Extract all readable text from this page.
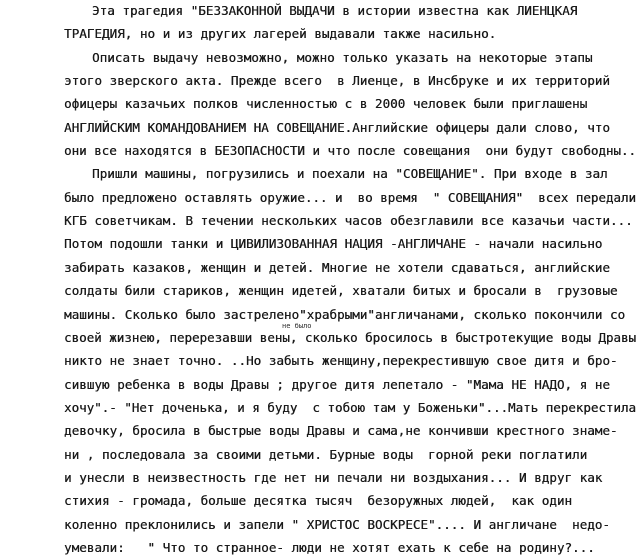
Эта трагедия "БЕЗЗАКОННОЙ ВЫДАЧИ в истории известна как ЛИЕНЦКАЯ
ТРАГЕДИЯ, но и из других лагерей выдавали также насильно.
Описать выдачу невозможно, можно только указать на некоторые этапы
этого зверского акта. Прежде всего  в Лиенце, в Инсбруке и их территорий
офицеры казачьих полков численностью с в 2000 человек были приглашены
АНГЛИЙСКИМ КОМАНДОВАНИЕМ НА СОВЕЩАНИЕ.Английские офицеры дали слово, что
они все находятся в БЕЗОПАСНОСТИ и что после совещания  они будут свободны..
Пришли машины, погрузились и поехали на "СОВЕЩАНИЕ". При входе в зал
было предложено оставлять оружие... и  во время  " СОВЕЩАНИЯ"  всех передали
КГБ советчикам. В течении нескольких часов обезглавили все казачьи части...
Потом подошли танки и ЦИВИЛИЗОВАННАЯ НАЦИЯ -АНГЛИЧАНЕ - начали насильно
забирать казаков, женщин и детей. Многие не хотели сдаваться, английские
солдаты били стариков, женщин идетей, хватали битых и бросали в  грузовые
машины. Сколько было застрелено"храбрыми"англичанами, сколько покончили со
своей жизнею, перерезавши вены, сколько бросилось в быстротекущие воды Дравы
никто не знает точно. ..Но забыть женщину,перекрестившую свое дитя и бро-
сившую ребенка в воды Дравы ; другое дитя лепетало - "Мама НЕ НАДО, я не
хочу".- "Нет доченька, и я буду  с тобою там у Боженьки"...Мать перекрестила
девочку, бросила в быстрые воды Дравы и сама,не кончивши крестного знаме-
ни , последовала за своими детьми. Бурные воды  горной реки поглатили
и унесли в неизвестность где нет ни печали ни воздыхания... И вдруг как
стихия - громада, больше десятка тысяч  безоружных людей,  как один
коленно преклонились и запели " ХРИСТОС ВОСКРЕСЕ".... И англичане  недо-
умевали:   " Что то странное- люди не хотят ехать к себе на родину?...
не было
